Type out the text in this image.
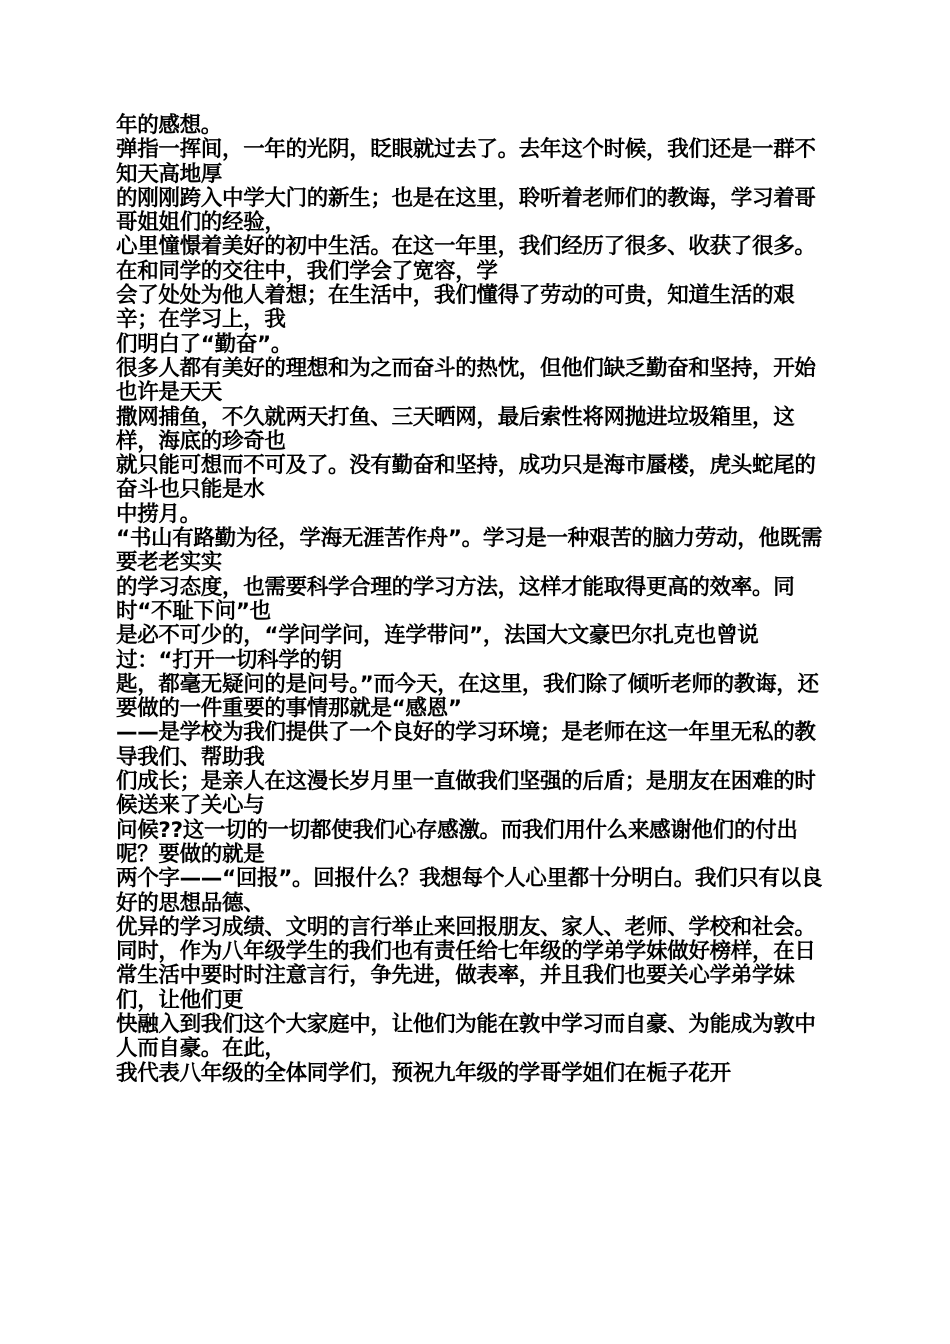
年的感想。

弹指一挥间，一年的光阴，眨眼就过去了。去年这个时候，我们还是一群不知天高地厚

的刚刚跨入中学大门的新生；也是在这里，聆听着老师们的教诲，学习着哥哥姐姐们的经验，

心里憧憬着美好的初中生活。在这一年里，我们经历了很多、收获了很多。在和同学的交往中，我们学会了宽容，学

会了处处为他人着想；在生活中，我们懂得了劳动的可贵，知道生活的艰辛；在学习上，我

们明白了“勤奋”。

很多人都有美好的理想和为之而奋斗的热忱，但他们缺乏勤奋和坚持，开始也许是天天

撒网捕鱼，不久就两天打鱼、三天晒网，最后索性将网抛进垃圾箱里，这样，海底的珍奇也

就只能可想而不可及了。没有勤奋和坚持，成功只是海市蜃楼，虎头蛇尾的奋斗也只能是水

中捞月。

“书山有路勤为径，学海无涯苦作舟”。学习是一种艰苦的脑力劳动，他既需要老老实实

的学习态度，也需要科学合理的学习方法，这样才能取得更高的效率。同时“不耻下问”也

是必不可少的，“学问学问，连学带问”，法国大文豪巴尔扎克也曾说过：“打开一切科学的钥

匙，都毫无疑问的是问号。”而今天，在这里，我们除了倾听老师的教诲，还要做的一件重要的事情那就是“感恩”

——是学校为我们提供了一个良好的学习环境；是老师在这一年里无私的教导我们、帮助我

们成长；是亲人在这漫长岁月里一直做我们坚强的后盾；是朋友在困难的时候送来了关心与

问候??这一切的一切都使我们心存感激。而我们用什么来感谢他们的付出呢？要做的就是

两个字——“回报”。回报什么？我想每个人心里都十分明白。我们只有以良好的思想品德、

优异的学习成绩、文明的言行举止来回报朋友、家人、老师、学校和社会。 同时，作为八年级学生的我们也有责任给七年级的学弟学妹做好榜样，在日 常生活中要时时注意言行，争先进，做表率，并且我们也要关心学弟学妹们，让他们更

快融入到我们这个大家庭中，让他们为能在敦中学习而自豪、为能成为敦中人而自豪。在此，

我代表八年级的全体同学们，预祝九年级的学哥学姐们在栀子花开
